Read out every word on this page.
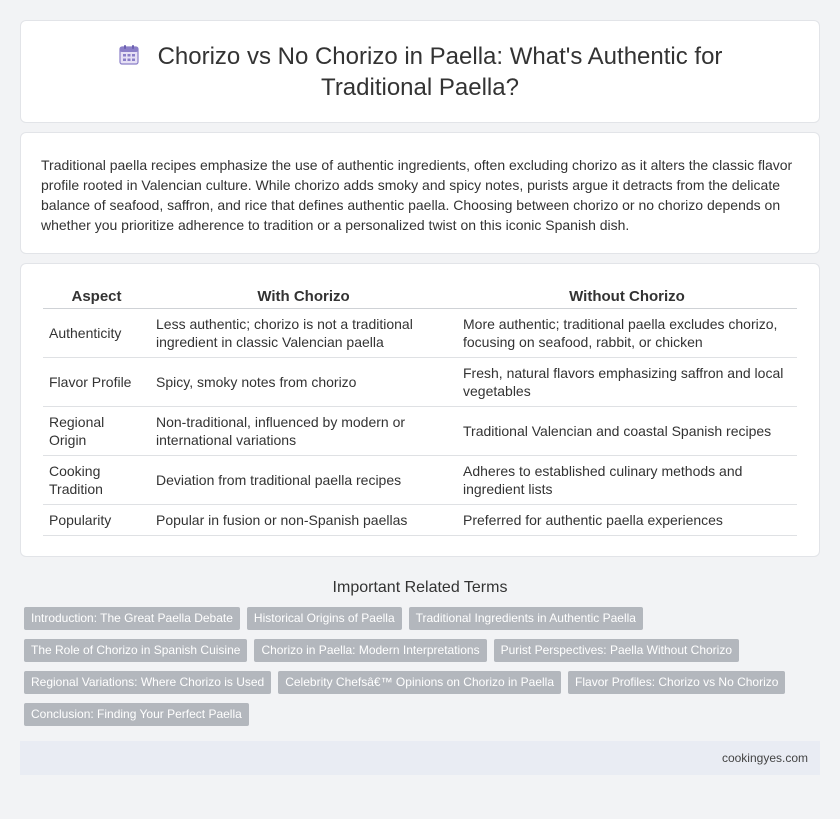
Chorizo vs No Chorizo in Paella: What's Authentic for Traditional Paella?

Traditional paella recipes emphasize the use of authentic ingredients, often excluding chorizo as it alters the classic flavor profile rooted in Valencian culture. While chorizo adds smoky and spicy notes, purists argue it detracts from the delicate balance of seafood, saffron, and rice that defines authentic paella. Choosing between chorizo or no chorizo depends on whether you prioritize adherence to tradition or a personalized twist on this iconic Spanish dish.

Aspect	With Chorizo	Without Chorizo
Authenticity	Less authentic; chorizo is not a traditional ingredient in classic Valencian paella	More authentic; traditional paella excludes chorizo, focusing on seafood, rabbit, or chicken
Flavor Profile	Spicy, smoky notes from chorizo	Fresh, natural flavors emphasizing saffron and local vegetables
Regional Origin	Non-traditional, influenced by modern or international variations	Traditional Valencian and coastal Spanish recipes
Cooking Tradition	Deviation from traditional paella recipes	Adheres to established culinary methods and ingredient lists
Popularity	Popular in fusion or non-Spanish paellas	Preferred for authentic paella experiences
Important Related Terms
Introduction: The Great Paella Debate	Historical Origins of Paella	Traditional Ingredients in Authentic Paella
The Role of Chorizo in Spanish Cuisine	Chorizo in Paella: Modern Interpretations	Purist Perspectives: Paella Without Chorizo
Regional Variations: Where Chorizo is Used	Celebrity Chefsâ€™ Opinions on Chorizo in Paella	Flavor Profiles: Chorizo vs No Chorizo
Conclusion: Finding Your Perfect Paella
cookingyes.com
